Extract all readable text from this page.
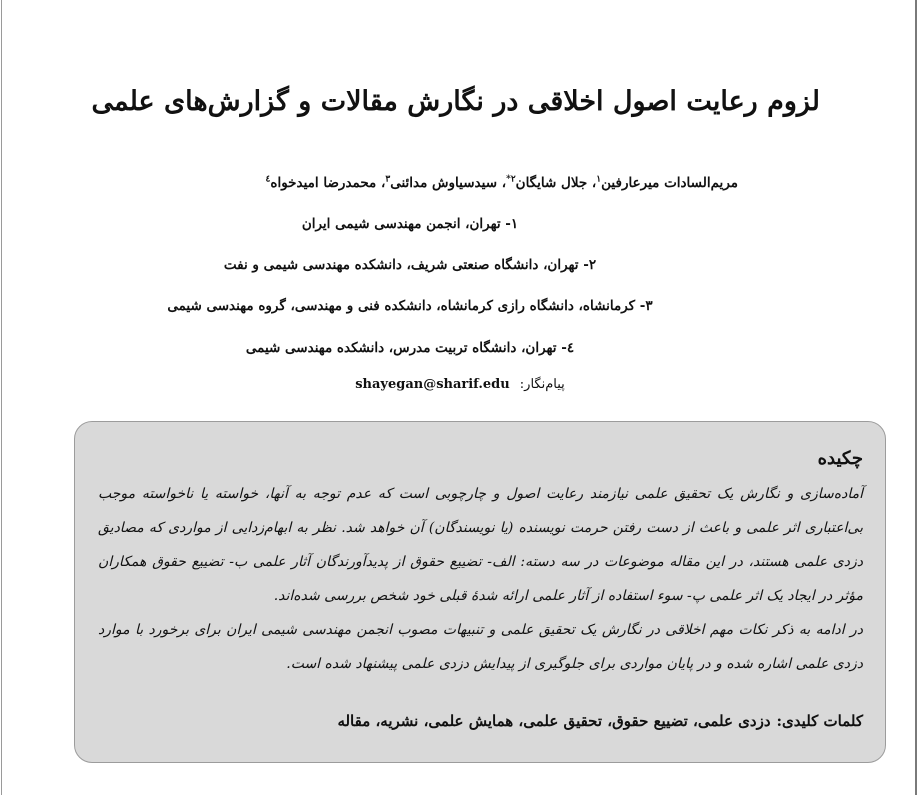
لزوم رعایت اصول اخلاقی در نگارش مقالات و گزارش‌های علمی
مریم‌السادات میرعارفین$^۱$، جلال شایگان$^{۲*}$، سیدسیاوش مدائنی$^۳$، محمدرضا امیدخواه$^٤$
١- تهران، انجمن مهندسی شیمی ایران
٢- تهران، دانشگاه صنعتی شریف، دانشکده مهندسی شیمی و نفت
٣- کرمانشاه، دانشگاه رازی کرمانشاه، دانشکده فنی و مهندسی، گروه مهندسی شیمی
٤- تهران، دانشگاه تربیت مدرس، دانشکده مهندسی شیمی
پیام‌نگار: shayegan@sharif.edu
چکیده

آماده‌سازی و نگارش یک تحقیق علمی نیازمند رعایت اصول و چارچوبی است که عدم توجه به آنها، خواسته یا ناخواسته موجب بی‌اعتباری اثر علمی و باعث از دست رفتن حرمت نویسنده (یا نویسندگان) آن خواهد شد. نظر به ابهام‌زدایی از مواردی که مصادیق دزدی علمی هستند، در این مقاله موضوعات در سه دسته: الف- تضییع حقوق از پدیدآورندگان آثار علمی ب- تضییع حقوق همکاران مؤثر در ایجاد یک اثر علمی پ- سوء استفاده از آثار علمی ارائه شدهٔ قبلی خود شخص بررسی شده‌اند.

در ادامه به ذکر نکات مهم اخلاقی در نگارش یک تحقیق علمی و تنبیهات مصوب انجمن مهندسی شیمی ایران برای برخورد با موارد دزدی علمی اشاره شده و در پایان مواردی برای جلوگیری از پیدایش دزدی علمی پیشنهاد شده است.

کلمات کلیدی:دزدی علمی، تضییع حقوق، تحقیق علمی، همایش علمی، نشریه، مقاله
